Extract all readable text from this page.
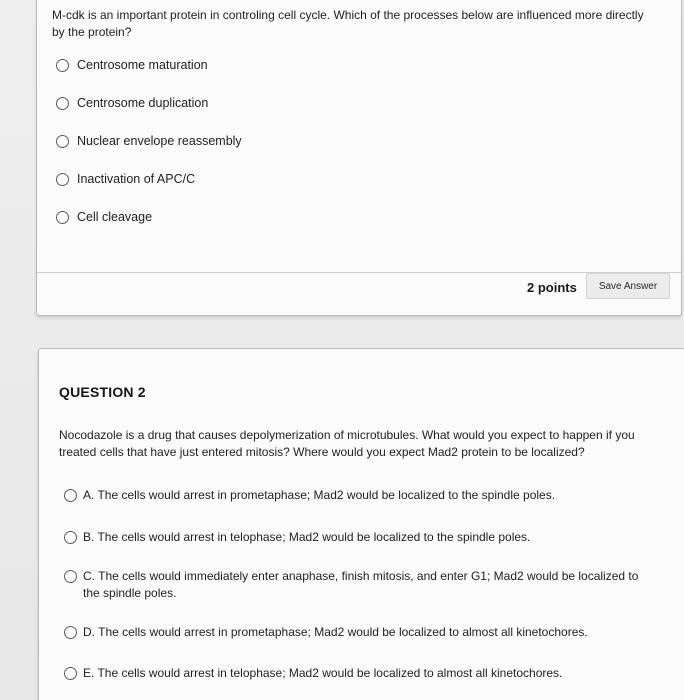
M-cdk is an important protein in controling cell cycle. Which of the processes below are influenced more directly by the protein?
Centrosome maturation
Centrosome duplication
Nuclear envelope reassembly
Inactivation of APC/C
Cell cleavage
2 points	Save Answer
QUESTION 2
Nocodazole is a drug that causes depolymerization of microtubules. What would you expect to happen if you treated cells that have just entered mitosis? Where would you expect Mad2 protein to be localized?
A. The cells would arrest in prometaphase; Mad2 would be localized to the spindle poles.
B. The cells would arrest in telophase; Mad2 would be localized to the spindle poles.
C. The cells would immediately enter anaphase, finish mitosis, and enter G1; Mad2 would be localized to the spindle poles.
D. The cells would arrest in prometaphase; Mad2 would be localized to almost all kinetochores.
E. The cells would arrest in telophase; Mad2 would be localized to almost all kinetochores.
